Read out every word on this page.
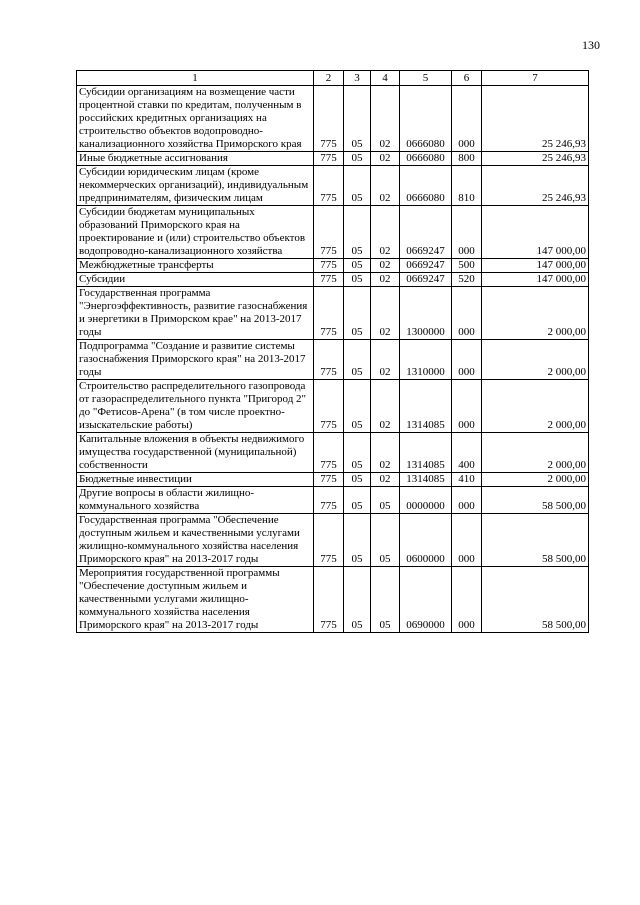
130
1	2	3	4	5	6	7
Субсидии организациям на возмещение части процентной ставки по кредитам, полученным в российских кредитных организациях на строительство объектов водопроводно-канализационного хозяйства Приморского края	775	05	02	0666080	000	25 246,93
Иные бюджетные ассигнования	775	05	02	0666080	800	25 246,93
Субсидии юридическим лицам (кроме некоммерческих организаций), индивидуальным предпринимателям, физическим лицам	775	05	02	0666080	810	25 246,93
Субсидии бюджетам муниципальных образований Приморского края на проектирование и (или) строительство объектов водопроводно-канализационного хозяйства	775	05	02	0669247	000	147 000,00
Межбюджетные трансферты	775	05	02	0669247	500	147 000,00
Субсидии	775	05	02	0669247	520	147 000,00
Государственная программа "Энергоэффективность, развитие газоснабжения и энергетики в Приморском крае" на 2013-2017 годы	775	05	02	1300000	000	2 000,00
Подпрограмма "Создание и развитие системы газоснабжения Приморского края" на 2013-2017 годы	775	05	02	1310000	000	2 000,00
Строительство распределительного газопровода от газораспределительного пункта "Пригород 2" до "Фетисов-Арена" (в том числе проектно-изыскательские работы)	775	05	02	1314085	000	2 000,00
Капитальные вложения в объекты недвижимого имущества государственной (муниципальной) собственности	775	05	02	1314085	400	2 000,00
Бюджетные инвестиции	775	05	02	1314085	410	2 000,00
Другие вопросы в области жилищно-коммунального хозяйства	775	05	05	0000000	000	58 500,00
Государственная программа "Обеспечение доступным жильем и качественными услугами жилищно-коммунального хозяйства населения Приморского края" на 2013-2017 годы	775	05	05	0600000	000	58 500,00
Мероприятия государственной программы "Обеспечение доступным жильем и качественными услугами жилищно-коммунального хозяйства населения Приморского края" на 2013-2017 годы	775	05	05	0690000	000	58 500,00
